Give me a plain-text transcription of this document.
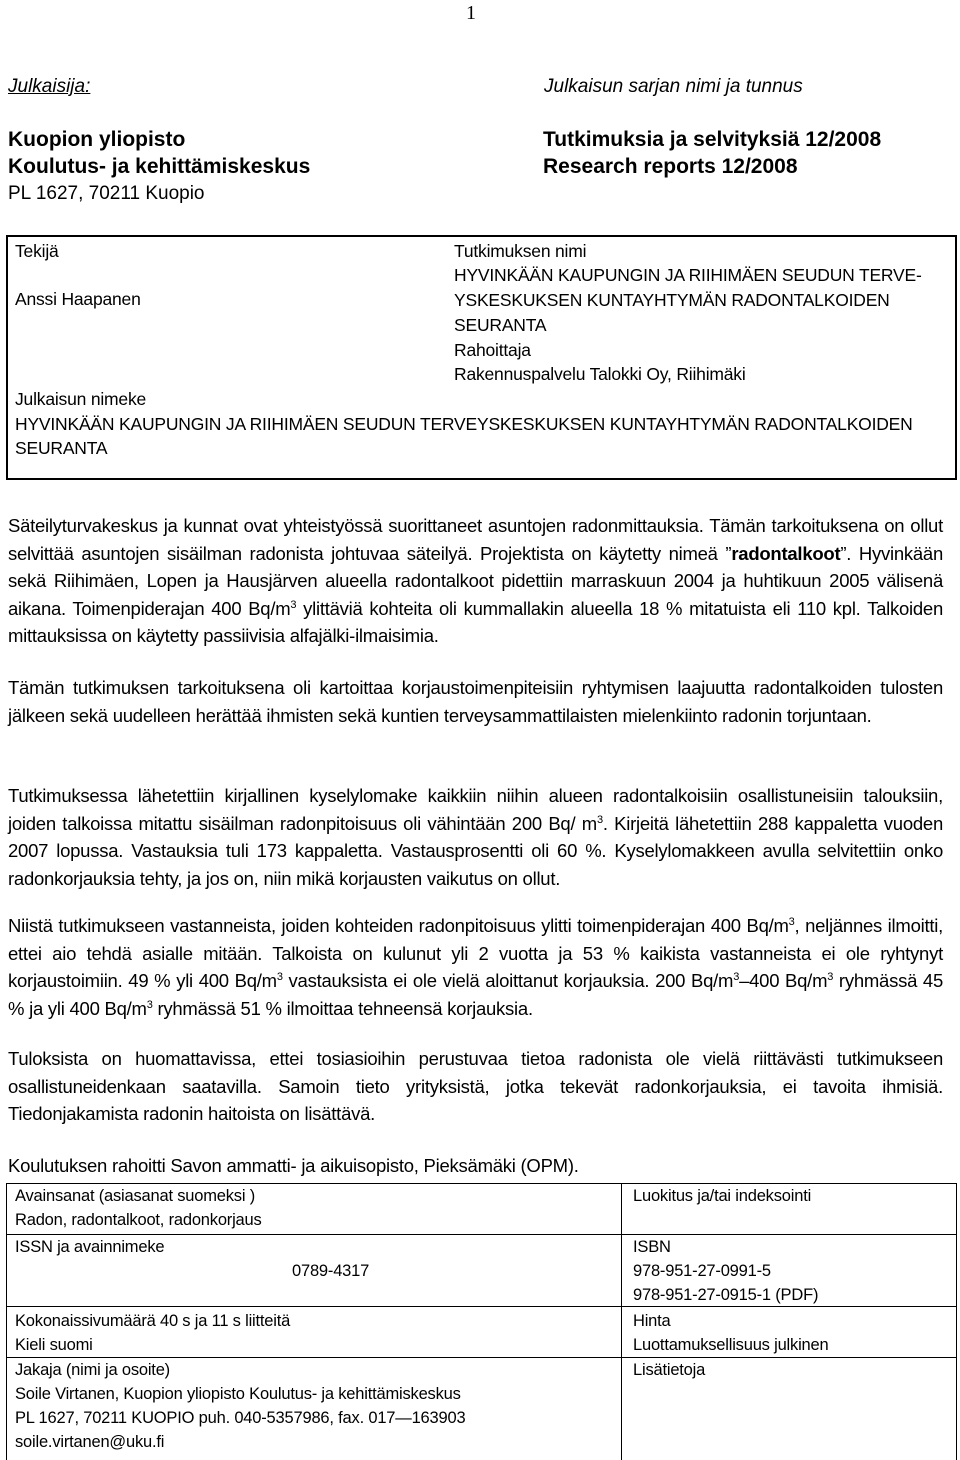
1
Julkaisija:	Julkaisun sarjan nimi ja tunnus
Kuopion yliopisto
Koulutus- ja kehittämiskeskus
PL 1627, 70211 Kuopio
Tutkimuksia ja selvityksiä 12/2008
Research reports 12/2008
Tekijä
Anssi Haapanen
Tutkimuksen nimi
HYVINKÄÄN KAUPUNGIN JA RIIHIMÄEN SEUDUN TERVE-
YSKESKUKSEN KUNTAYHTYMÄN RADONTALKOIDEN
SEURANTA
Rahoittaja
Rakennuspalvelu Talokki Oy, Riihimäki
Julkaisun nimeke
HYVINKÄÄN KAUPUNGIN JA RIIHIMÄEN SEUDUN TERVEYSKESKUKSEN KUNTAYHTYMÄN RADONTALKOIDEN
SEURANTA
Säteilyturvakeskus ja kunnat ovat yhteistyössä suorittaneet asuntojen radonmittauksia. Tämän tarkoituksena on ollut selvittää asuntojen sisäilman radonista johtuvaa säteilyä. Projektista on käytetty nimeä ”radontalkoot”. Hyvinkään sekä Riihimäen, Lopen ja Hausjärven alueella radontalkoot pidettiin marraskuun 2004 ja huhtikuun 2005 välisenä aikana. Toimenpiderajan 400 $Bq/m^3$ ylittäviä kohteita oli kummallakin alueella 18 % mitatuista eli 110 kpl. Talkoiden mittauksissa on käytetty passiivisia alfajälki-ilmaisimia.
Tämän tutkimuksen tarkoituksena oli kartoittaa korjaustoimenpiteisiin ryhtymisen laajuutta radontalkoiden tulosten jälkeen sekä uudelleen herättää ihmisten sekä kuntien terveysammattilaisten mielenkiinto radonin torjuntaan.
Tutkimuksessa lähetettiin kirjallinen kyselylomake kaikkiin niihin alueen radontalkoisiin osallistuneisiin talouksiin, joiden talkoissa mitattu sisäilman radonpitoisuus oli vähintään 200 Bq/ $m^3$. Kirjeitä lähetettiin 288 kappaletta vuoden 2007 lopussa. Vastauksia tuli 173 kappaletta. Vastausprosentti oli 60 %. Kyselylomakkeen avulla selvitettiin onko radonkorjauksia tehty, ja jos on, niin mikä korjausten vaikutus on ollut.
Niistä tutkimukseen vastanneista, joiden kohteiden radonpitoisuus ylitti toimenpiderajan 400 $Bq/m^3$, neljännes ilmoitti, ettei aio tehdä asialle mitään. Talkoista on kulunut yli 2 vuotta ja 53 % kaikista vastanneista ei ole ryhtynyt korjaustoimiin. 49 % yli 400 $Bq/m^3$ vastauksista ei ole vielä aloittanut korjauksia. 200 $Bq/m^3-400$ $Bq/m^3$ ryhmässä 45 % ja yli 400 $Bq/m^3$ ryhmässä 51 % ilmoittaa tehneensä korjauksia.
Tuloksista on huomattavissa, ettei tosiasioihin perustuvaa tietoa radonista ole vielä riittävästi tutkimukseen osallistuneidenkaan saatavilla. Samoin tieto yrityksistä, jotka tekevät radonkorjauksia, ei tavoita ihmisiä. Tiedonjakamista radonin haitoista on lisättävä.
Koulutuksen rahoitti Savon ammatti- ja aikuisopisto, Pieksämäki (OPM).
Avainsanat (asiasanat suomeksi )
Radon, radontalkoot, radonkorjaus
Luokitus ja/tai indeksointi
ISSN ja avainnimeke
0789-4317
ISBN
978-951-27-0991-5
978-951-27-0915-1 (PDF)
Kokonaissivumäärä 40 s ja 11 s liitteitä
Kieli suomi
Hinta
Luottamuksellisuus julkinen
Jakaja (nimi ja osoite)
Soile Virtanen, Kuopion yliopisto Koulutus- ja kehittämiskeskus
PL 1627, 70211 KUOPIO puh. 040-5357986, fax. 017—163903
soile.virtanen@uku.fi
Lisätietoja
